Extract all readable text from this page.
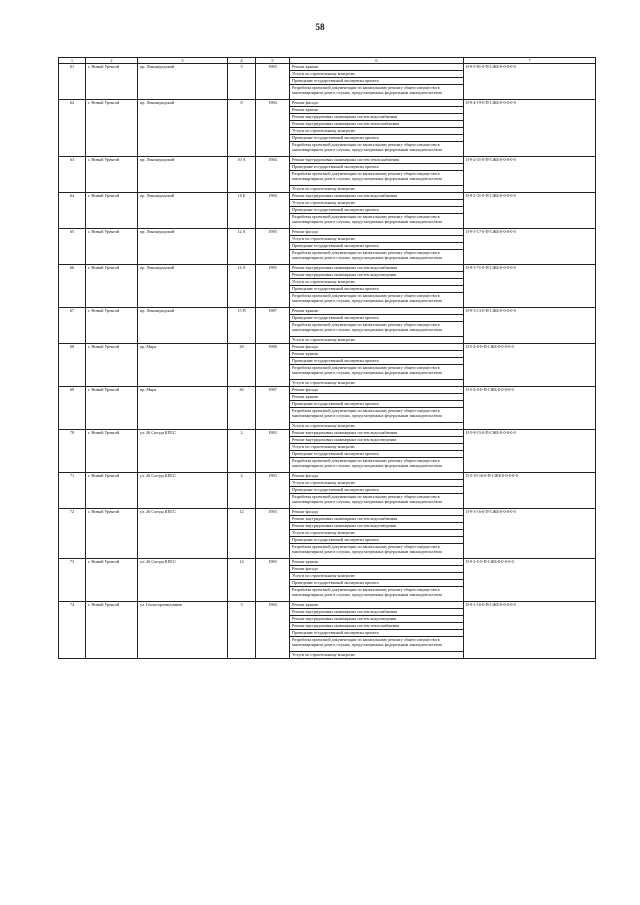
58
1	2	3	4	5	6	7
61	г. Новый Уренгой	пр. Ленинградский	5	1983		Ремонт крыши
Услуги по строительному контролю
Проведение государственной экспертизы проекта
Разработка проектной документации по капитальному ремонту общего имущества в многоквартирном доме в случаях, предусмотренных федеральным законодательством
	II-9-3-81-0-П-СЖБ-0-0-0-0-0
62	г. Новый Уренгой	пр. Ленинградский	8	1984		Ремонт фасада
Ремонт крыши
Ремонт внутридомовых инженерных систем водоснабжения
Ремонт внутридомовых инженерных систем теплоснабжения
Услуги по строительному контролю
Проведение государственной экспертизы проекта
Разработка проектной документации по капитальному ремонту общего имущества в многоквартирном доме в случаях, предусмотренных федеральным законодательством
	II-9-4-19-0-П-СЖБ-0-0-0-0-0
63	г. Новый Уренгой	пр. Ленинградский	10 А	1984		Ремонт внутридомовых инженерных систем теплоснабжения
Проведение государственной экспертизы проекта
Разработка проектной документации по капитальному ремонту общего имущества в многоквартирном доме в случаях, предусмотренных федеральным законодательством
Услуги по строительному контролю
	II-9-2-31-0-П-СЖБ-0-0-0-0-0
64	г. Новый Уренгой	пр. Ленинградский	10 Б	1984		Ремонт внутридомовых инженерных систем водоснабжения
Услуги по строительному контролю
Проведение государственной экспертизы проекта
Разработка проектной документации по капитальному ремонту общего имущества в многоквартирном доме в случаях, предусмотренных федеральным законодательством
	II-9-2-31-0-П-СЖБ-0-0-0-0-0
65	г. Новый Уренгой	пр. Ленинградский	12 А	1985		Ремонт фасада
Услуги по строительному контролю
Проведение государственной экспертизы проекта
Разработка проектной документации по капитальному ремонту общего имущества в многоквартирном доме в случаях, предусмотренных федеральным законодательством
	II-9-5-17-0-П-СЖБ-0-0-0-0-0
66	г. Новый Уренгой	пр. Ленинградский	14 А	1985		Ремонт внутридомовых инженерных систем водоснабжения
Ремонт внутридомовых инженерных систем водоотведения
Услуги по строительному контролю
Проведение государственной экспертизы проекта
Разработка проектной документации по капитальному ремонту общего имущества в многоквартирном доме в случаях, предусмотренных федеральным законодательством
	II-9-3-71-0-П-СЖБ-0-0-0-0-0
67	г. Новый Уренгой	пр. Ленинградский	15 П	1987		Ремонт крыши
Проведение государственной экспертизы проекта
Разработка проектной документации по капитальному ремонту общего имущества в многоквартирном доме в случаях, предусмотренных федеральным законодательством
Услуги по строительному контролю
	II-9-3-13-0-П-СЖБ-0-0-0-0-0
68	г. Новый Уренгой	пр. Мира	28	1988		Ремонт фасада
Ремонт крыши
Проведение государственной экспертизы проекта
Разработка проектной документации по капитальному ремонту общего имущества в многоквартирном доме в случаях, предусмотренных федеральным законодательством
Услуги по строительному контролю
	II-5-4-0-0-П-СЖБ-0-0-0-0-0
69	г. Новый Уренгой	пр. Мира	30	1987		Ремонт фасада
Ремонт крыши
Проведение государственной экспертизы проекта
Разработка проектной документации по капитальному ремонту общего имущества в многоквартирном доме в случаях, предусмотренных федеральным законодательством
Услуги по строительному контролю
	II-5-4-0-0-П-СЖБ-0-0-0-0-0
70	г. Новый Уренгой	ул. 26 Съезда КПСС	2	1983		Ремонт внутридомовых инженерных систем водоснабжения
Ремонт внутридомовых инженерных систем водоотведения
Услуги по строительному контролю
Проведение государственной экспертизы проекта
Разработка проектной документации по капитальному ремонту общего имущества в многоквартирном доме в случаях, предусмотренных федеральным законодательством
	II-5-8-15-0-П-СЖБ-0-0-0-0-0
71	г. Новый Уренгой	ул. 26 Съезда КПСС	4	1983		Ремонт фасада
Услуги по строительному контролю
Проведение государственной экспертизы проекта
Разработка проектной документации по капитальному ремонту общего имущества в многоквартирном доме в случаях, предусмотренных федеральным законодательством
	II-5-10-16-0-П-СЖБ-0-0-0-0-0
72	г. Новый Уренгой	ул. 26 Съезда КПСС	12	1983		Ремонт фасада
Ремонт внутридомовых инженерных систем водоснабжения
Ремонт внутридомовых инженерных систем водоотведения
Услуги по строительному контролю
Проведение государственной экспертизы проекта
Разработка проектной документации по капитальному ремонту общего имущества в многоквартирном доме в случаях, предусмотренных федеральным законодательством
	II-9-3-16-0-П-СЖБ-0-0-0-0-0
73	г. Новый Уренгой	ул. 26 Съезда КПСС	14	1983		Ремонт крыши
Ремонт фасада
Услуги по строительному контролю
Проведение государственной экспертизы проекта
Разработка проектной документации по капитальному ремонту общего имущества в многоквартирном доме в случаях, предусмотренных федеральным законодательством
	II-9-2-5-0-П-СЖБ-0-0-0-0-0
74	г. Новый Уренгой	ул. Геологоразведчиков	3	1984		Ремонт крыши
Ремонт внутридомовых инженерных систем водоснабжения
Ремонт внутридомовых инженерных систем водоотведения
Ремонт внутридомовых инженерных систем теплоснабжения
Проведение государственной экспертизы проекта
Разработка проектной документации по капитальному ремонту общего имущества в многоквартирном доме в случаях, предусмотренных федеральным законодательством
Услуги по строительному контролю
	II-9-1-16-0-П-СЖБ-0-0-0-0-0
